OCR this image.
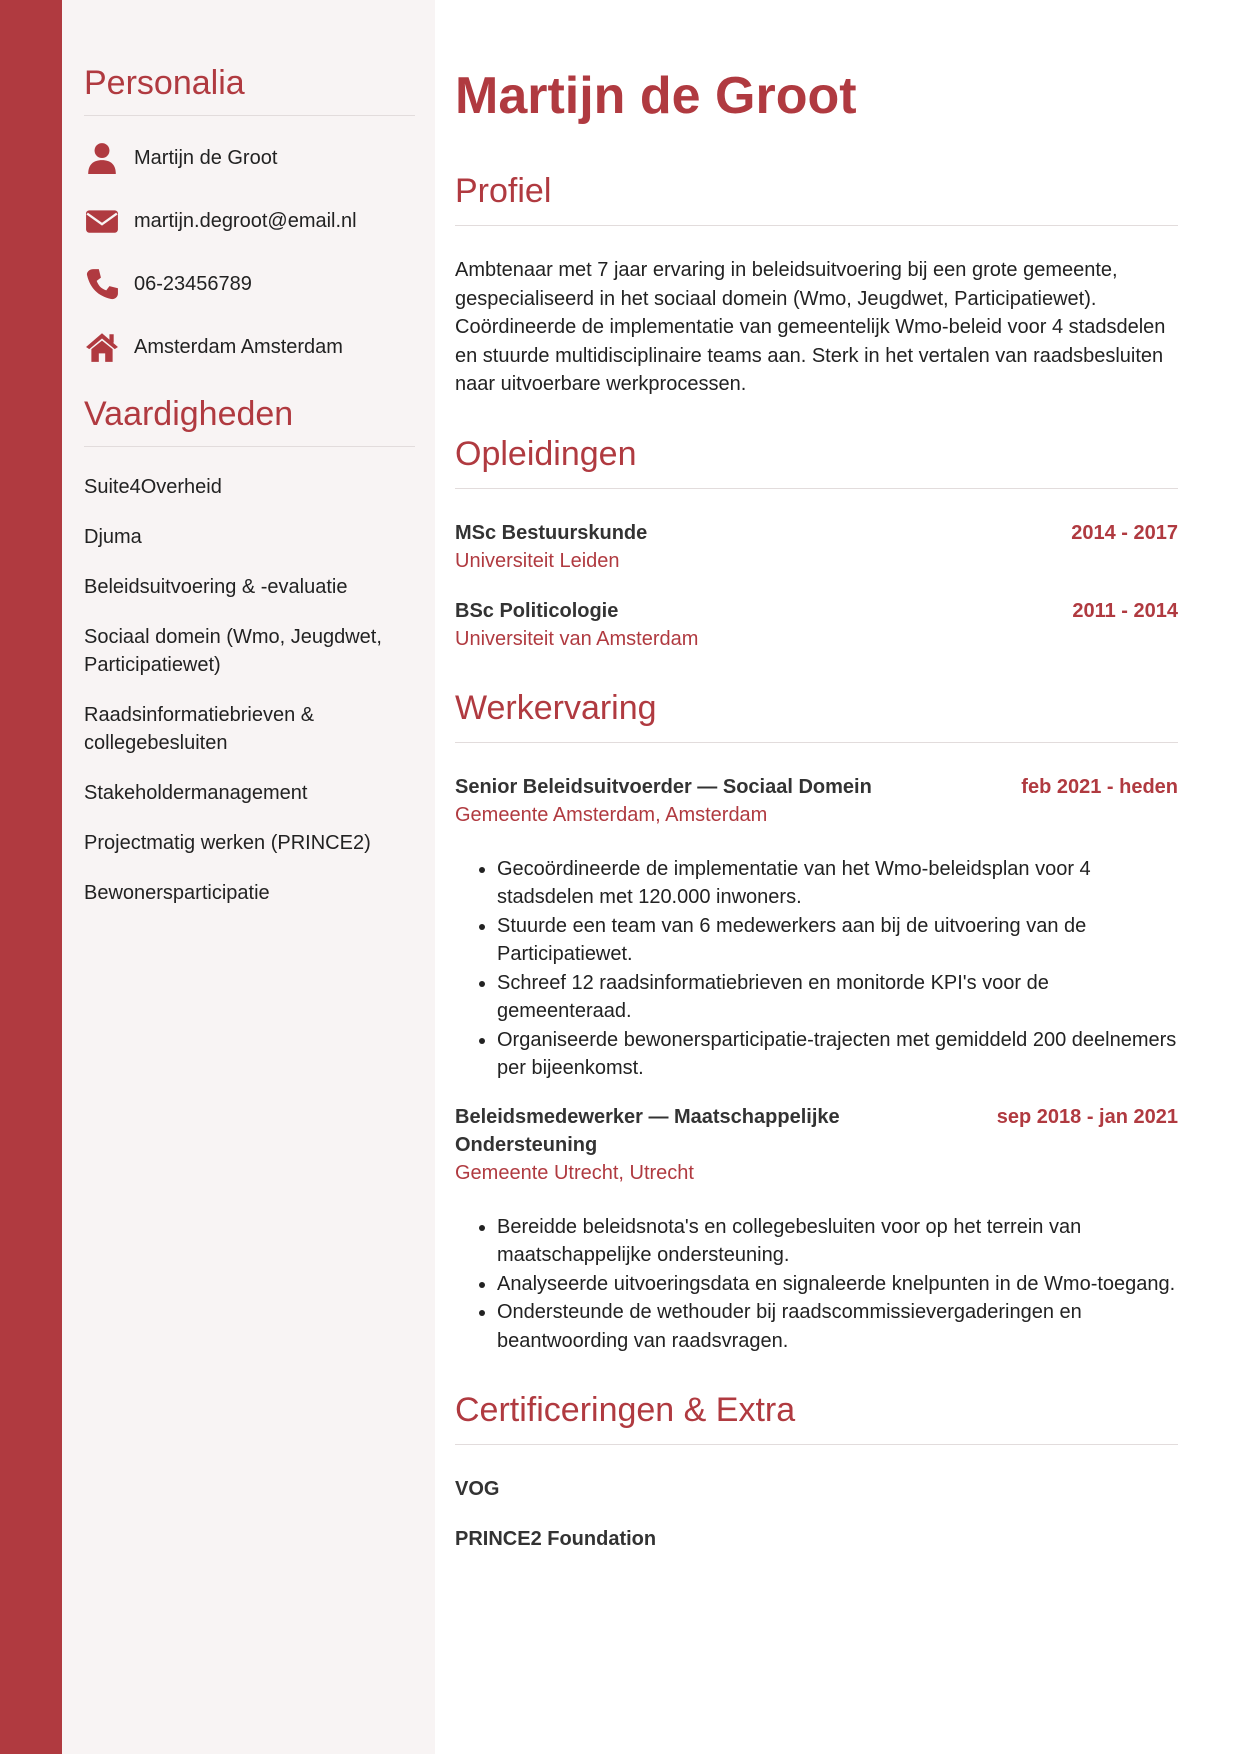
Personalia
Martijn de Groot
martijn.degroot@email.nl
06-23456789
Amsterdam Amsterdam
Vaardigheden
Suite4Overheid
Djuma
Beleidsuitvoering & -evaluatie
Sociaal domein (Wmo, Jeugdwet, Participatiewet)
Raadsinformatiebrieven & collegebesluiten
Stakeholdermanagement
Projectmatig werken (PRINCE2)
Bewonersparticipatie
Martijn de Groot
Profiel

Ambtenaar met 7 jaar ervaring in beleidsuitvoering bij een grote gemeente, gespecialiseerd in het sociaal domein (Wmo, Jeugdwet, Participatiewet). Coördineerde de implementatie van gemeentelijk Wmo-beleid voor 4 stadsdelen en stuurde multidisciplinaire teams aan. Sterk in het vertalen van raadsbesluiten naar uitvoerbare werkprocessen.

Opleidingen
MSc Bestuurskunde	2014 - 2017
Universiteit Leiden
BSc Politicologie	2011 - 2014
Universiteit van Amsterdam
Werkervaring
Senior Beleidsuitvoerder — Sociaal Domein	feb 2021 - heden
Gemeente Amsterdam, Amsterdam
• Gecoördineerde de implementatie van het Wmo-beleidsplan voor 4 stadsdelen met 120.000 inwoners.
• Stuurde een team van 6 medewerkers aan bij de uitvoering van de Participatiewet.
• Schreef 12 raadsinformatiebrieven en monitorde KPI's voor de gemeenteraad.
• Organiseerde bewonersparticipatie-trajecten met gemiddeld 200 deelnemers per bijeenkomst.
Beleidsmedewerker — Maatschappelijke Ondersteuning
sep 2018 - jan 2021
Gemeente Utrecht, Utrecht
• Bereidde beleidsnota's en collegebesluiten voor op het terrein van maatschappelijke ondersteuning.
• Analyseerde uitvoeringsdata en signaleerde knelpunten in de Wmo-toegang.
• Ondersteunde de wethouder bij raadscommissievergaderingen en beantwoording van raadsvragen.
Certificeringen & Extra
VOG
PRINCE2 Foundation
